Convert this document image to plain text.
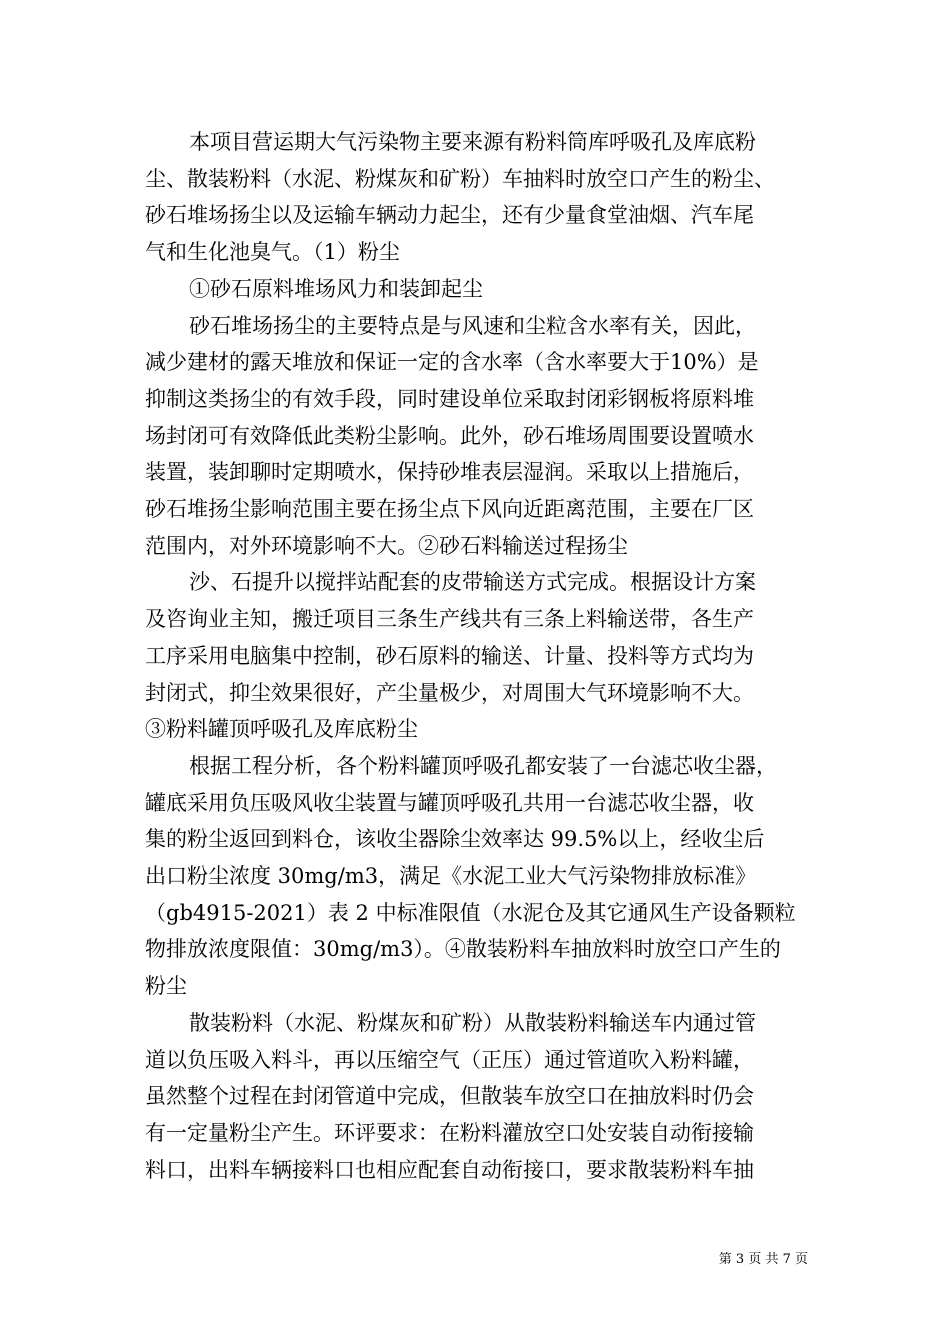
本项目营运期大气污染物主要来源有粉料筒库呼吸孔及库底粉
尘、散装粉料（水泥、粉煤灰和矿粉）车抽料时放空口产生的粉尘、
砂石堆场扬尘以及运输车辆动力起尘，还有少量食堂油烟、汽车尾
气和生化池臭气。（1）粉尘

①砂石原料堆场风力和装卸起尘

砂石堆场扬尘的主要特点是与风速和尘粒含水率有关，因此，
减少建材的露天堆放和保证一定的含水率（含水率要大于10%）是
抑制这类扬尘的有效手段，同时建设单位采取封闭彩钢板将原料堆
场封闭可有效降低此类粉尘影响。此外，砂石堆场周围要设置喷水
装置，装卸聊时定期喷水，保持砂堆表层湿润。采取以上措施后，
砂石堆扬尘影响范围主要在扬尘点下风向近距离范围，主要在厂区
范围内，对外环境影响不大。②砂石料输送过程扬尘

沙、石提升以搅拌站配套的皮带输送方式完成。根据设计方案
及咨询业主知，搬迁项目三条生产线共有三条上料输送带，各生产
工序采用电脑集中控制，砂石原料的输送、计量、投料等方式均为
封闭式，抑尘效果很好，产尘量极少，对周围大气环境影响不大。
③粉料罐顶呼吸孔及库底粉尘

根据工程分析，各个粉料罐顶呼吸孔都安装了一台滤芯收尘器，
罐底采用负压吸风收尘装置与罐顶呼吸孔共用一台滤芯收尘器，收
集的粉尘返回到料仓，该收尘器除尘效率达 99.5%以上，经收尘后
出口粉尘浓度 30mg/m3，满足《水泥工业大气污染物排放标准》
（gb4915-2021）表 2 中标准限值（水泥仓及其它通风生产设备颗粒
物排放浓度限值：30mg/m3）。④散装粉料车抽放料时放空口产生的
粉尘

散装粉料（水泥、粉煤灰和矿粉）从散装粉料输送车内通过管
道以负压吸入料斗，再以压缩空气（正压）通过管道吹入粉料罐，
虽然整个过程在封闭管道中完成，但散装车放空口在抽放料时仍会
有一定量粉尘产生。环评要求：在粉料灌放空口处安装自动衔接输
料口，出料车辆接料口也相应配套自动衔接口，要求散装粉料车抽

第 3 页 共 7 页
